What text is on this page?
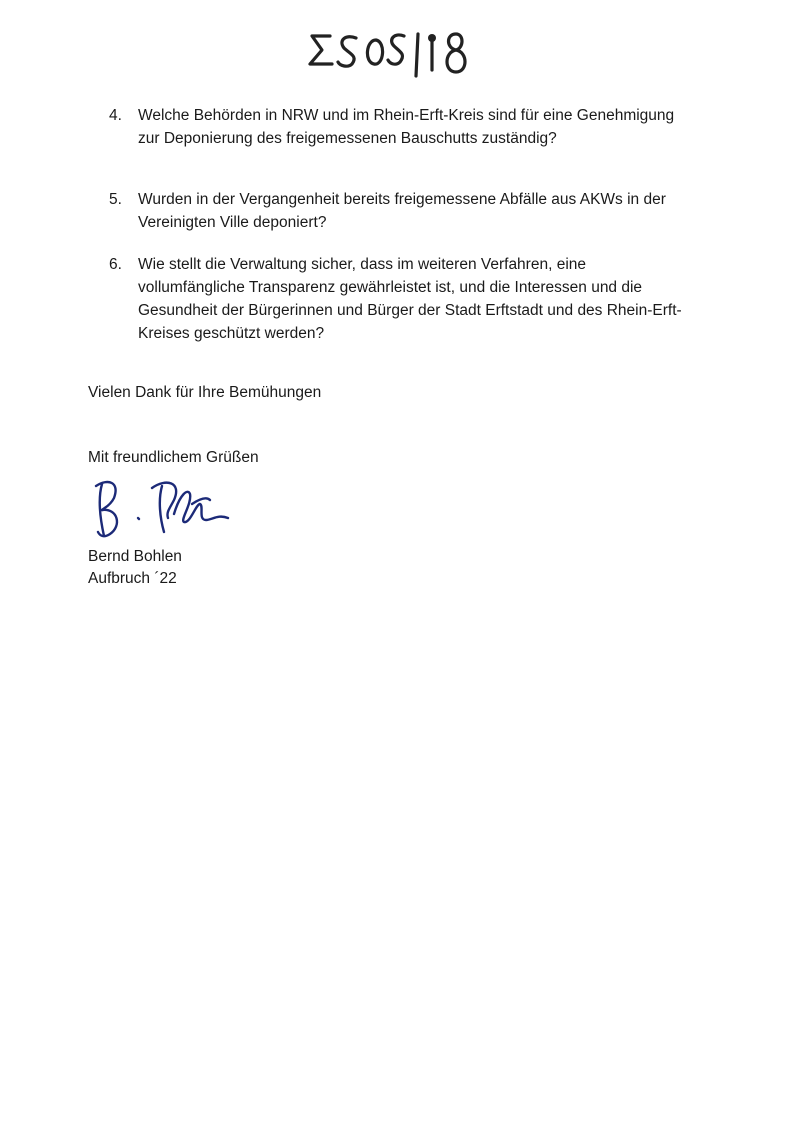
4.	Welche Behörden in NRW und im Rhein-Erft-Kreis sind für eine Genehmigung
zur Deponierung des freigemessenen Bauschutts zuständig?
5.	Wurden in der Vergangenheit bereits freigemessene Abfälle aus AKWs in der
Vereinigten Ville deponiert?
6.	Wie stellt die Verwaltung sicher, dass im weiteren Verfahren, eine
vollumfängliche Transparenz gewährleistet ist, und die Interessen und die
Gesundheit der Bürgerinnen und Bürger der Stadt Erftstadt und des Rhein-Erft-
Kreises geschützt werden?
Vielen Dank für Ihre Bemühungen
Mit freundlichem Grüßen
Bernd Bohlen
Aufbruch ´22
